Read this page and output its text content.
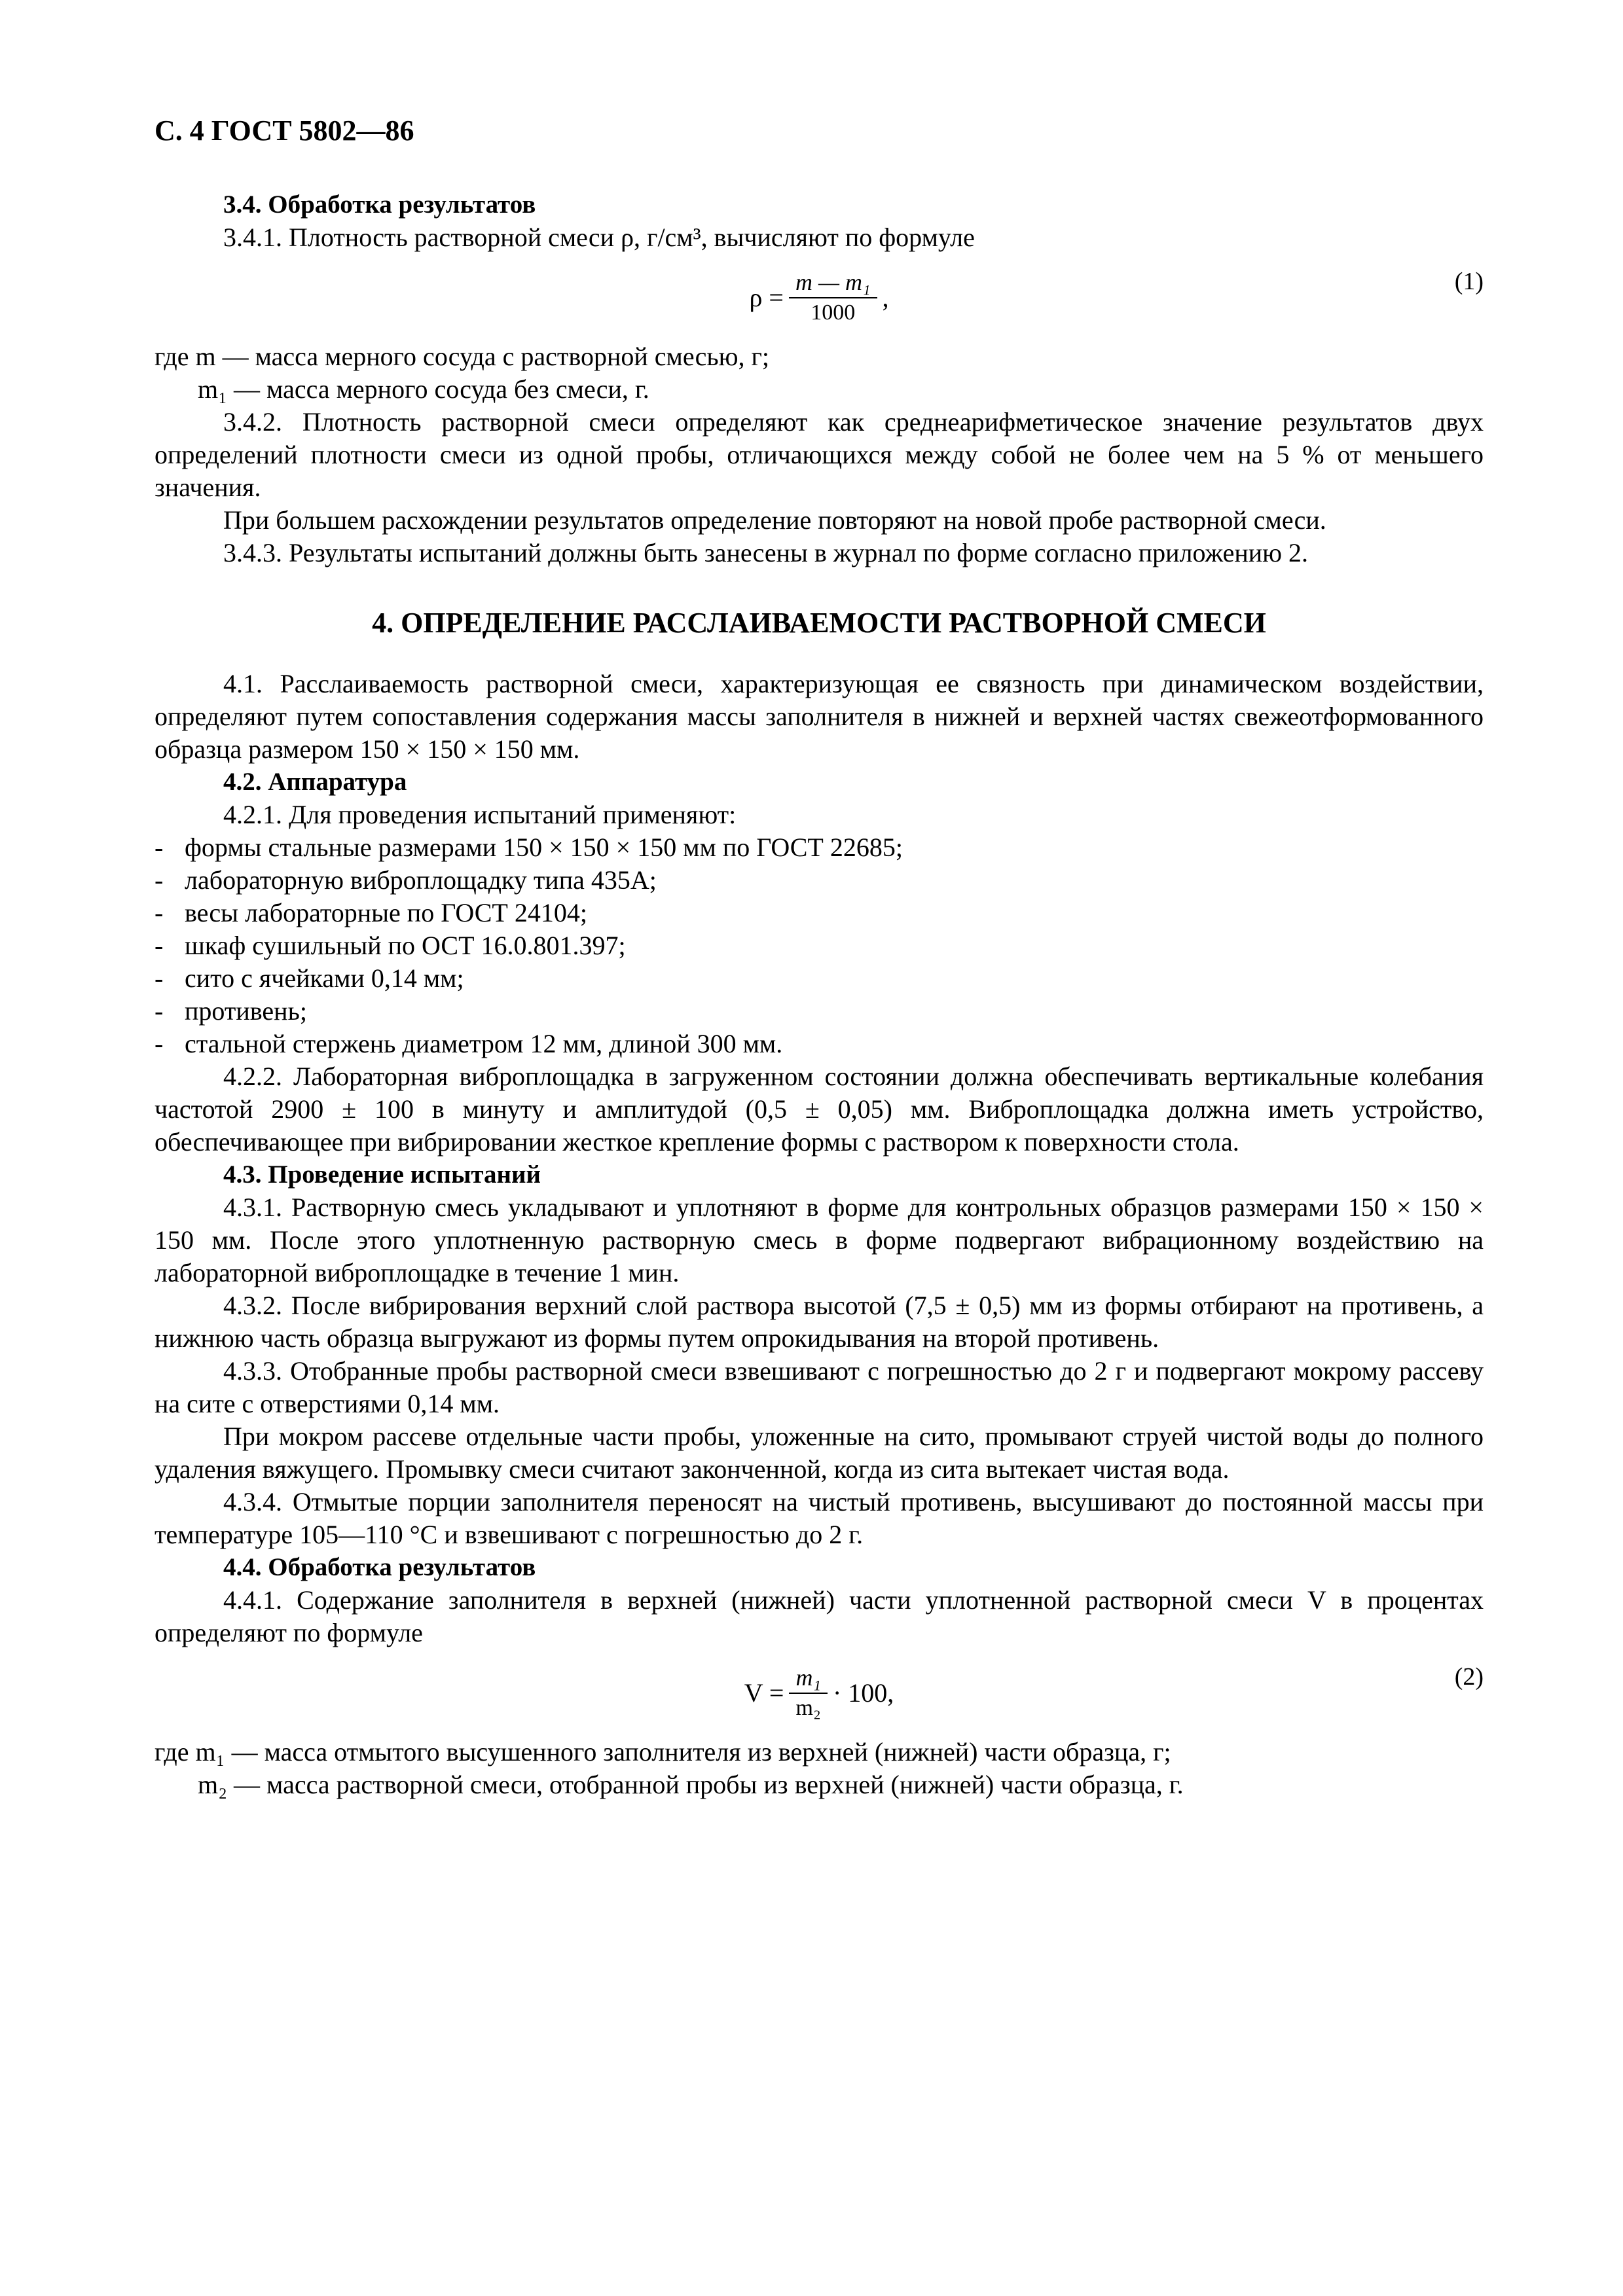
С. 4 ГОСТ 5802—86

3.4. Обработка результатов

3.4.1. Плотность растворной смеси ρ, г/см³, вычисляют по формуле

$\rho = \frac{\text{m — m₁}}{1000}$ ,
(1)

где m — масса мерного сосуда с растворной смесью, г;

m₁ — масса мерного сосуда без смеси, г.

3.4.2. Плотность растворной смеси определяют как среднеарифметическое значение результатов двух определений плотности смеси из одной пробы, отличающихся между собой не более чем на 5 % от меньшего значения.

При большем расхождении результатов определение повторяют на новой пробе растворной смеси.

3.4.3. Результаты испытаний должны быть занесены в журнал по форме согласно приложению 2.

4. ОПРЕДЕЛЕНИЕ РАССЛАИВАЕМОСТИ РАСТВОРНОЙ СМЕСИ

4.1. Расслаиваемость растворной смеси, характеризующая ее связность при динамическом воздействии, определяют путем сопоставления содержания массы заполнителя в нижней и верхней частях свежеотформованного образца размером 150 × 150 × 150 мм.

4.2. Аппаратура

4.2.1. Для проведения испытаний применяют:

- формы стальные размерами 150 × 150 × 150 мм по ГОСТ 22685;

- лабораторную виброплощадку типа 435А;

- весы лабораторные по ГОСТ 24104;

- шкаф сушильный по ОСТ 16.0.801.397;

- сито с ячейками 0,14 мм;

- противень;

- стальной стержень диаметром 12 мм, длиной 300 мм.

4.2.2. Лабораторная виброплощадка в загруженном состоянии должна обеспечивать вертикальные колебания частотой 2900 ± 100 в минуту и амплитудой (0,5 ± 0,05) мм. Виброплощадка должна иметь устройство, обеспечивающее при вибрировании жесткое крепление формы с раствором к поверхности стола.

4.3. Проведение испытаний

4.3.1. Растворную смесь укладывают и уплотняют в форме для контрольных образцов размерами 150 × 150 × 150 мм. После этого уплотненную растворную смесь в форме подвергают вибрационному воздействию на лабораторной виброплощадке в течение 1 мин.

4.3.2. После вибрирования верхний слой раствора высотой (7,5 ± 0,5) мм из формы отбирают на противень, а нижнюю часть образца выгружают из формы путем опрокидывания на второй противень.

4.3.3. Отобранные пробы растворной смеси взвешивают с погрешностью до 2 г и подвергают мокрому рассеву на сите с отверстиями 0,14 мм.

При мокром рассеве отдельные части пробы, уложенные на сито, промывают струей чистой воды до полного удаления вяжущего. Промывку смеси считают законченной, когда из сита вытекает чистая вода.

4.3.4. Отмытые порции заполнителя переносят на чистый противень, высушивают до постоянной массы при температуре 105—110 °С и взвешивают с погрешностью до 2 г.

4.4. Обработка результатов

4.4.1. Содержание заполнителя в верхней (нижней) части уплотненной растворной смеси V в процентах определяют по формуле

$V = \frac{\text{m₁}}{\text{m₂}} \cdot 100$,
(2)

где m₁ — масса отмытого высушенного заполнителя из верхней (нижней) части образца, г;

m₂ — масса растворной смеси, отобранной пробы из верхней (нижней) части образца, г.
